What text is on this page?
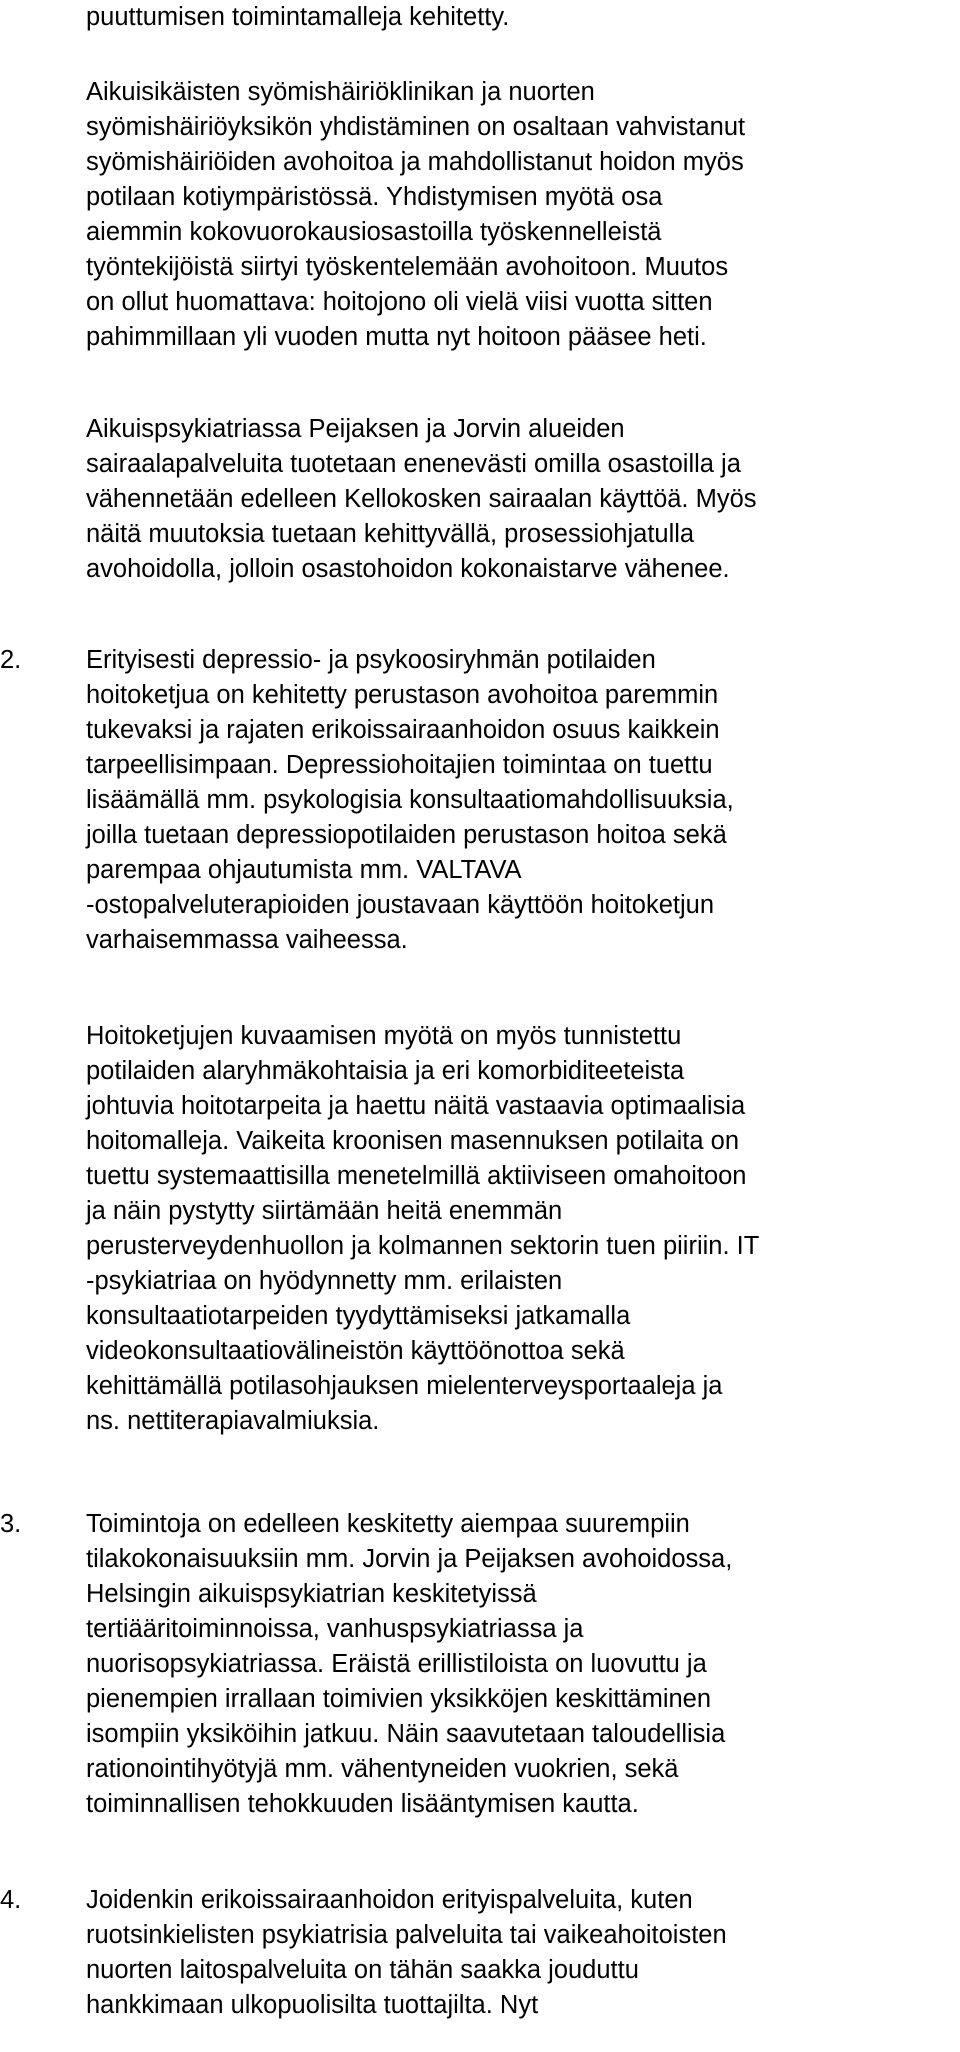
puuttumisen toimintamalleja kehitetty.

Aikuisikäisten syömishäiriöklinikan ja nuorten
syömishäiriöyksikön yhdistäminen on osaltaan vahvistanut
syömishäiriöiden avohoitoa ja mahdollistanut hoidon myös
potilaan kotiympäristössä. Yhdistymisen myötä osa
aiemmin kokovuorokausiosastoilla työskennelleistä
työntekijöistä siirtyi työskentelemään avohoitoon. Muutos
on ollut huomattava: hoitojono oli vielä viisi vuotta sitten
pahimmillaan yli vuoden mutta nyt hoitoon pääsee heti.

Aikuispsykiatriassa Peijaksen ja Jorvin alueiden
sairaalapalveluita tuotetaan enenevästi omilla osastoilla ja
vähennetään edelleen Kellokosken sairaalan käyttöä. Myös
näitä muutoksia tuetaan kehittyvällä, prosessiohjatulla
avohoidolla, jolloin osastohoidon kokonaistarve vähenee.

2.	Erityisesti depressio- ja psykoosiryhmän potilaiden
hoitoketjua on kehitetty perustason avohoitoa paremmin
tukevaksi ja rajaten erikoissairaanhoidon osuus kaikkein
tarpeellisimpaan. Depressiohoitajien toimintaa on tuettu
lisäämällä mm. psykologisia konsultaatiomahdollisuuksia,
joilla tuetaan depressiopotilaiden perustason hoitoa sekä
parempaa ohjautumista mm. VALTAVA
-ostopalveluterapioiden joustavaan käyttöön hoitoketjun
varhaisemmassa vaiheessa.

Hoitoketjujen kuvaamisen myötä on myös tunnistettu
potilaiden alaryhmäkohtaisia ja eri komorbiditeeteista
johtuvia hoitotarpeita ja haettu näitä vastaavia optimaalisia
hoitomalleja. Vaikeita kroonisen masennuksen potilaita on
tuettu systemaattisilla menetelmillä aktiiviseen omahoitoon
ja näin pystytty siirtämään heitä enemmän
perusterveydenhuollon ja kolmannen sektorin tuen piiriin. IT
-psykiatriaa on hyödynnetty mm. erilaisten
konsultaatiotarpeiden tyydyttämiseksi jatkamalla
videokonsultaatiovälineistön käyttöönottoa sekä
kehittämällä potilasohjauksen mielenterveysportaaleja ja
ns. nettiterapiavalmiuksia.

3.	Toimintoja on edelleen keskitetty aiempaa suurempiin
tilakokonaisuuksiin mm. Jorvin ja Peijaksen avohoidossa,
Helsingin aikuispsykiatrian keskitetyissä
tertiääritoiminnoissa, vanhuspsykiatriassa ja
nuorisopsykiatriassa. Eräistä erillistiloista on luovuttu ja
pienempien irrallaan toimivien yksikköjen keskittäminen
isompiin yksiköihin jatkuu. Näin saavutetaan taloudellisia
rationointihyötyjä mm. vähentyneiden vuokrien, sekä
toiminnallisen tehokkuuden lisääntymisen kautta.

4.	Joidenkin erikoissairaanhoidon erityispalveluita, kuten
ruotsinkielisten psykiatrisia palveluita tai vaikeahoitoisten
nuorten laitospalveluita on tähän saakka jouduttu
hankkimaan ulkopuolisilta tuottajilta. Nyt
